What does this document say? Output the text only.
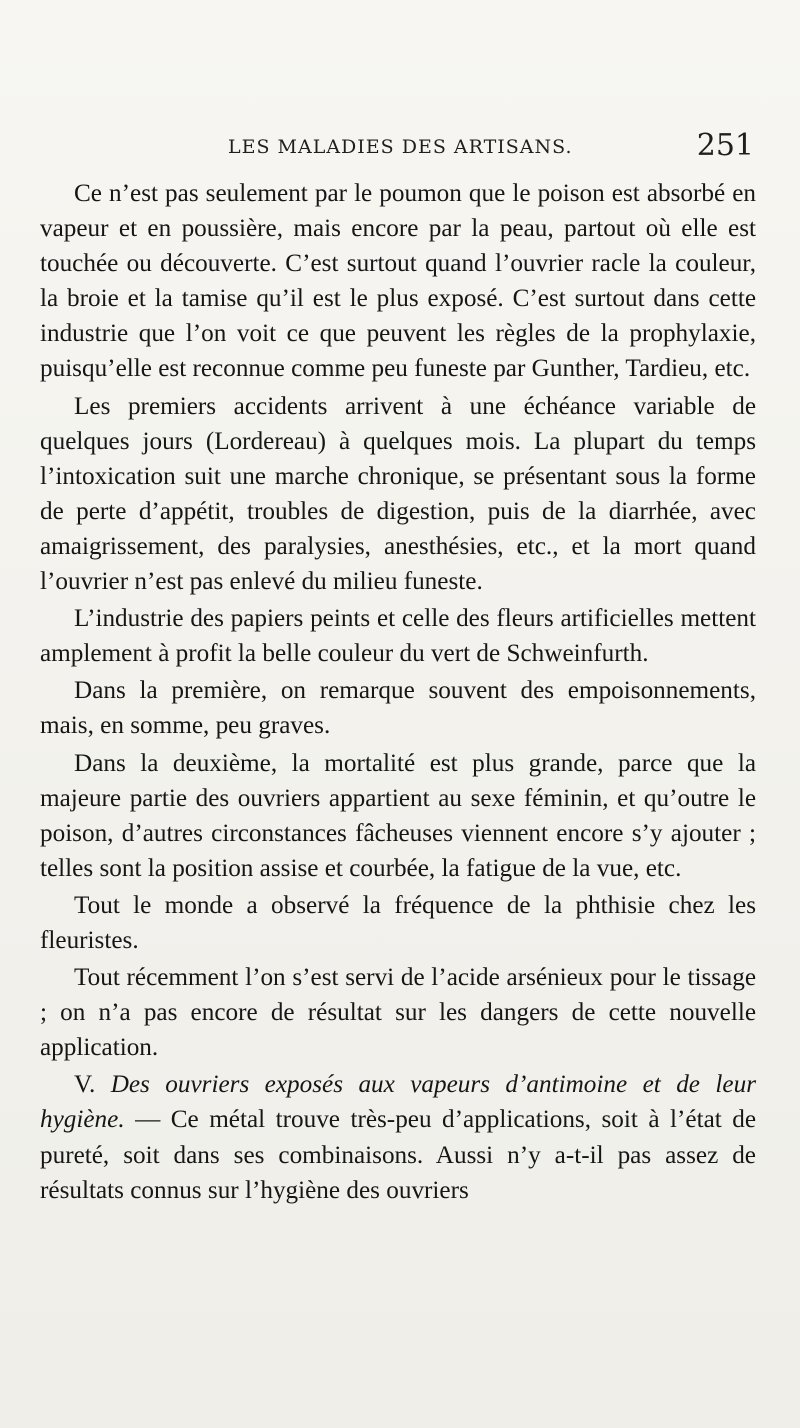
LES MALADIES DES ARTISANS.	251

Ce n’est pas seulement par le poumon que le poison est absorbé en vapeur et en poussière, mais encore par la peau, partout où elle est touchée ou découverte. C’est surtout quand l’ouvrier racle la couleur, la broie et la tamise qu’il est le plus exposé. C’est surtout dans cette industrie que l’on voit ce que peuvent les règles de la prophylaxie, puisqu’elle est reconnue comme peu funeste par Gunther, Tardieu, etc.

Les premiers accidents arrivent à une échéance variable de quelques jours (Lordereau) à quelques mois. La plupart du temps l’intoxication suit une marche chronique, se présentant sous la forme de perte d’appétit, troubles de digestion, puis de la diarrhée, avec amaigrissement, des paralysies, anesthésies, etc., et la mort quand l’ouvrier n’est pas enlevé du milieu funeste.

L’industrie des papiers peints et celle des fleurs artificielles mettent amplement à profit la belle couleur du vert de Schweinfurth.

Dans la première, on remarque souvent des empoisonnements, mais, en somme, peu graves.

Dans la deuxième, la mortalité est plus grande, parce que la majeure partie des ouvriers appartient au sexe féminin, et qu’outre le poison, d’autres circonstances fâcheuses viennent encore s’y ajouter ; telles sont la position assise et courbée, la fatigue de la vue, etc.

Tout le monde a observé la fréquence de la phthisie chez les fleuristes.

Tout récemment l’on s’est servi de l’acide arsénieux pour le tissage ; on n’a pas encore de résultat sur les dangers de cette nouvelle application.

V. Des ouvriers exposés aux vapeurs d’antimoine et de leur hygiène. — Ce métal trouve très-peu d’applications, soit à l’état de pureté, soit dans ses combinaisons. Aussi n’y a-t-il pas assez de résultats connus sur l’hygiène des ouvriers
